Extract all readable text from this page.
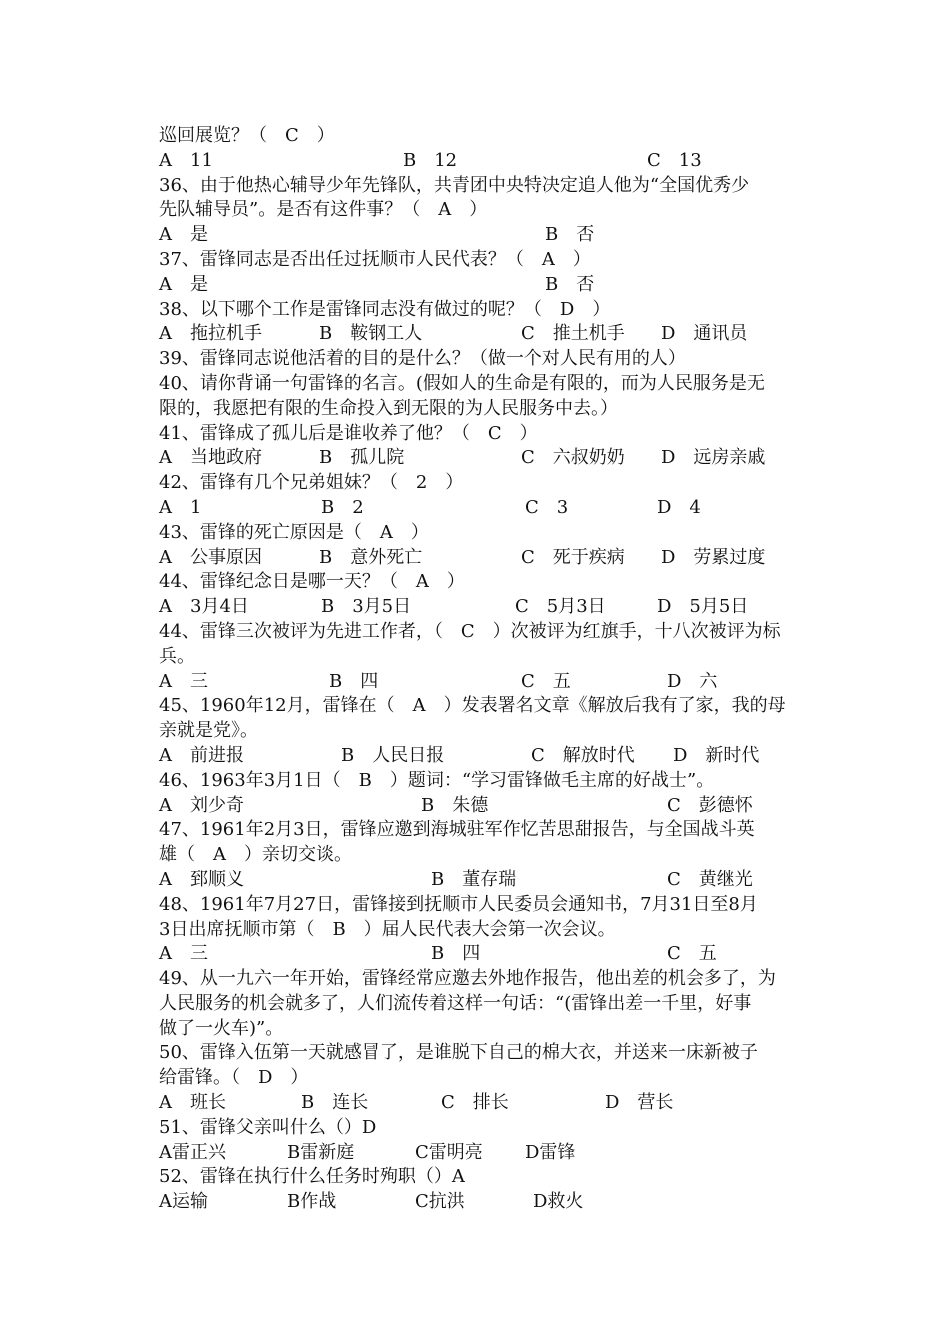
巡回展览？（　C　）

A　11

	B　12

	C　13

36、由于他热心辅导少年先锋队，共青团中央特决定追人他为“全国优秀少
先队辅导员”。是否有这件事？（　A　）

A　是

	B　否

37、雷锋同志是否出任过抚顺市人民代表？（　A　）

A　是

	B　否

38、以下哪个工作是雷锋同志没有做过的呢？（　D　）

A　拖拉机手

	B　鞍钢工人

	C　推土机手

D　通讯员

39、雷锋同志说他活着的目的是什么？（做一个对人民有用的人）
40、请你背诵一句雷锋的名言。(假如人的生命是有限的，而为人民服务是无
限的，我愿把有限的生命投入到无限的为人民服务中去。）
41、雷锋成了孤儿后是谁收养了他？（　C　）

A　当地政府

	B　孤儿院

	C　六叔奶奶

D　远房亲戚

42、雷锋有几个兄弟姐妹？（　2　）

A　1

	B　2

	C　3

	D　4

43、雷锋的死亡原因是（　A　）

A　公事原因

	B　意外死亡

	C　死于疾病

D　劳累过度

44、雷锋纪念日是哪一天？（　A　）

A　3月4日

	B　3月5日

	C　5月3日

	D　5月5日

44、雷锋三次被评为先进工作者，（　C　）次被评为红旗手，十八次被评为标
兵。

A　三

	B　四

	C　五

	D　六

45、1960年12月，雷锋在（　A　）发表署名文章《解放后我有了家，我的母
亲就是党》。

A　前进报

	B　人民日报

	C　解放时代

D　新时代

46、1963年3月1日（　B　）题词：“学习雷锋做毛主席的好战士”。

A　刘少奇

	B　朱德

	C　彭德怀

47、1961年2月3日，雷锋应邀到海城驻军作忆苦思甜报告，与全国战斗英
雄（　A　）亲切交谈。

A　郅顺义

	B　董存瑞

	C　黄继光

48、1961年7月27日，雷锋接到抚顺市人民委员会通知书，7月31日至8月
3日出席抚顺市第（　B　）届人民代表大会第一次会议。

A　三

	B　四

	C　五

49、从一九六一年开始，雷锋经常应邀去外地作报告，他出差的机会多了，为
人民服务的机会就多了，人们流传着这样一句话：“(雷锋出差一千里，好事
做了一火车)”。
50、雷锋入伍第一天就感冒了，是谁脱下自己的棉大衣，并送来一床新被子
给雷锋。（　D　）

A　班长

	B　连长

	C　排长

	D　营长

51、雷锋父亲叫什么（）D

A雷正兴

	B雷新庭

	C雷明亮

D雷锋

52、雷锋在执行什么任务时殉职（）A

A运输

	B作战

	C抗洪

	D救火
